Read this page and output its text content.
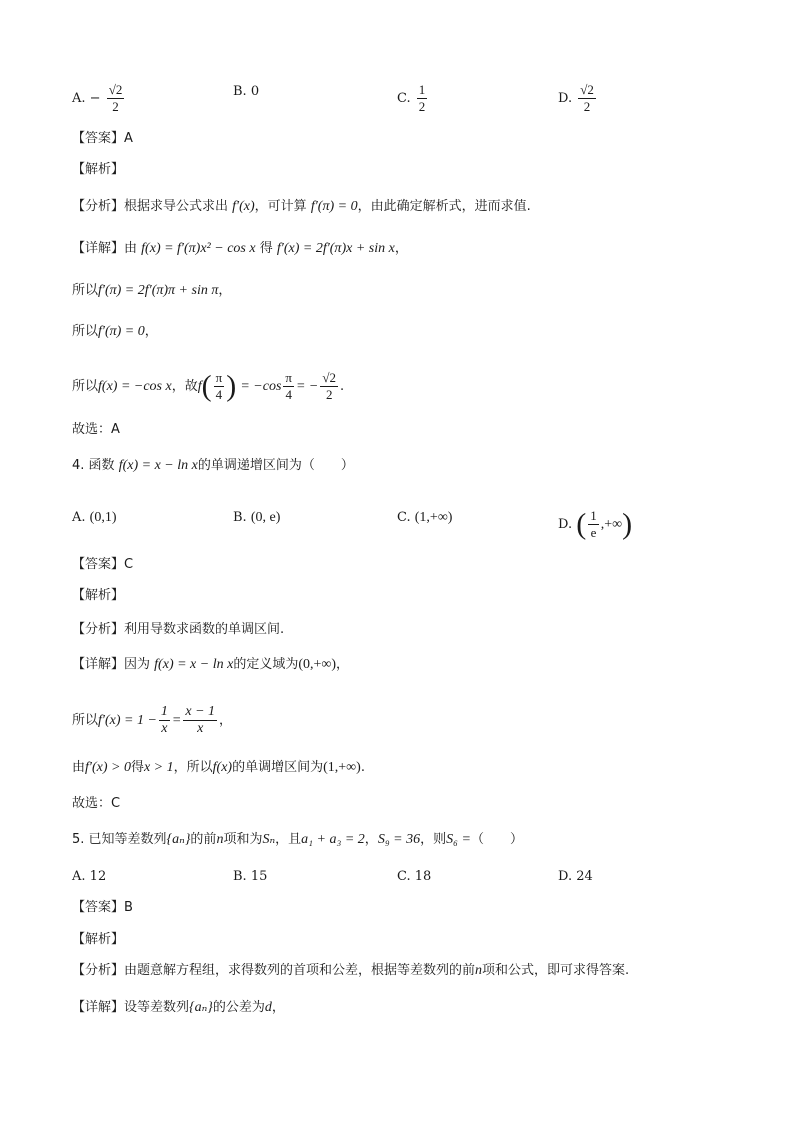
A. − $\frac{√2}{2}$	B. 0	C. $\frac{1}{2}$	D. $\frac{√2}{2}$
【答案】A
【解析】
【分析】根据求导公式求出 f′(x)，可计算 f′(π) = 0，由此确定解析式，进而求值.
【详解】由 f(x) = f′(π)x² − cos x 得 f′(x) = 2f′(π)x + sin x，
所以f′(π) = 2f′(π)π + sin π，
所以f′(π) = 0，
所以f(x) = −cos x，故$f( \frac{\pi}{4}$ ) = $-\cos \frac{\pi}{4}$ = − $\frac{√2}{2}$ .
故选：A
4. 函数 f(x) = x − ln x的单调递增区间为（　　）
A. (0,1)	B. (0, e)	C. (1,+∞)	D. ( $\frac{1}{e}$ ,+∞)
【答案】C
【解析】
【分析】利用导数求函数的单调区间.
【详解】因为 f(x) = x − ln x的定义域为(0,+∞)，
所以$f'(x) = 1 - \frac{1}{x} = \frac{x - 1}{x}$ ，
由f′(x) > 0得x > 1，所以f(x)的单调增区间为(1,+∞).
故选：C
5. 已知等差数列{aₙ}的前n项和为Sₙ，且a₁ + a₃ = 2，S₉ = 36，则S₆ =（　　）
A. 12	B. 15	C. 18	D. 24
【答案】B
【解析】
【分析】由题意解方程组，求得数列的首项和公差，根据等差数列的前n项和公式，即可求得答案.
【详解】设等差数列{aₙ}的公差为d，
